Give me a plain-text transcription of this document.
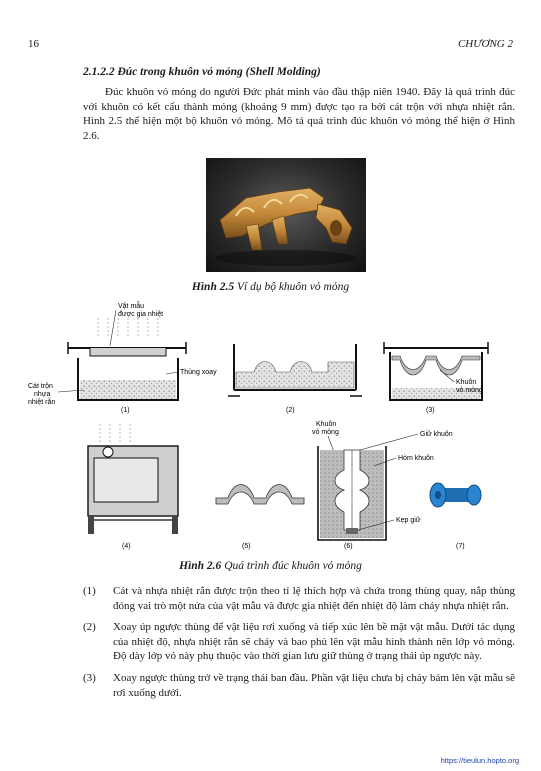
16	CHƯƠNG 2
2.1.2.2 Đúc trong khuôn vỏ mỏng (Shell Molding)

Đúc khuôn vỏ mỏng do người Đức phát minh vào đầu thập niên 1940. Đây là quá trình đúc với khuôn có kết cấu thành mỏng (khoảng 9 mm) được tạo ra bởi cát trộn với nhựa nhiệt rắn. Hình 2.5 thể hiện một bộ khuôn vỏ mỏng. Mô tả quá trình đúc khuôn vỏ mỏng thể hiện ở Hình 2.6.

Hình 2.5 Ví dụ bộ khuôn vỏ mỏng
Vật mẫu
được gia nhiệt
Thùng xoay
Cát trộn
nhựa
nhiệt rắn
(1)	(2)
Khuôn
vỏ mỏng
(3)
(4)	(5)
Khuôn
vỏ mỏng	Giữ khuôn
Hòm khuôn
Kẹp giữ
(6)	(7)
Hình 2.6 Quá trình đúc khuôn vỏ mỏng
(1) Cát và nhựa nhiệt rắn được trộn theo tỉ lệ thích hợp và chứa trong thùng quay, nắp thùng đóng vai trò một nửa của vật mẫu và được gia nhiệt đến nhiệt độ làm cháy nhựa nhiệt rắn.
(2) Xoay úp ngược thùng để vật liệu rơi xuống và tiếp xúc lên bề mặt vật mẫu. Dưới tác dụng của nhiệt độ, nhựa nhiệt rắn sẽ cháy và bao phủ lên vật mẫu hình thành nên lớp vỏ mỏng. Độ dày lớp vỏ này phụ thuộc vào thời gian lưu giữ thùng ở trạng thái úp ngược này.
(3) Xoay ngược thùng trở về trạng thái ban đầu. Phần vật liệu chưa bị cháy bám lên vật mẫu sẽ rơi xuống dưới.
https://tieulun.hopto.org
